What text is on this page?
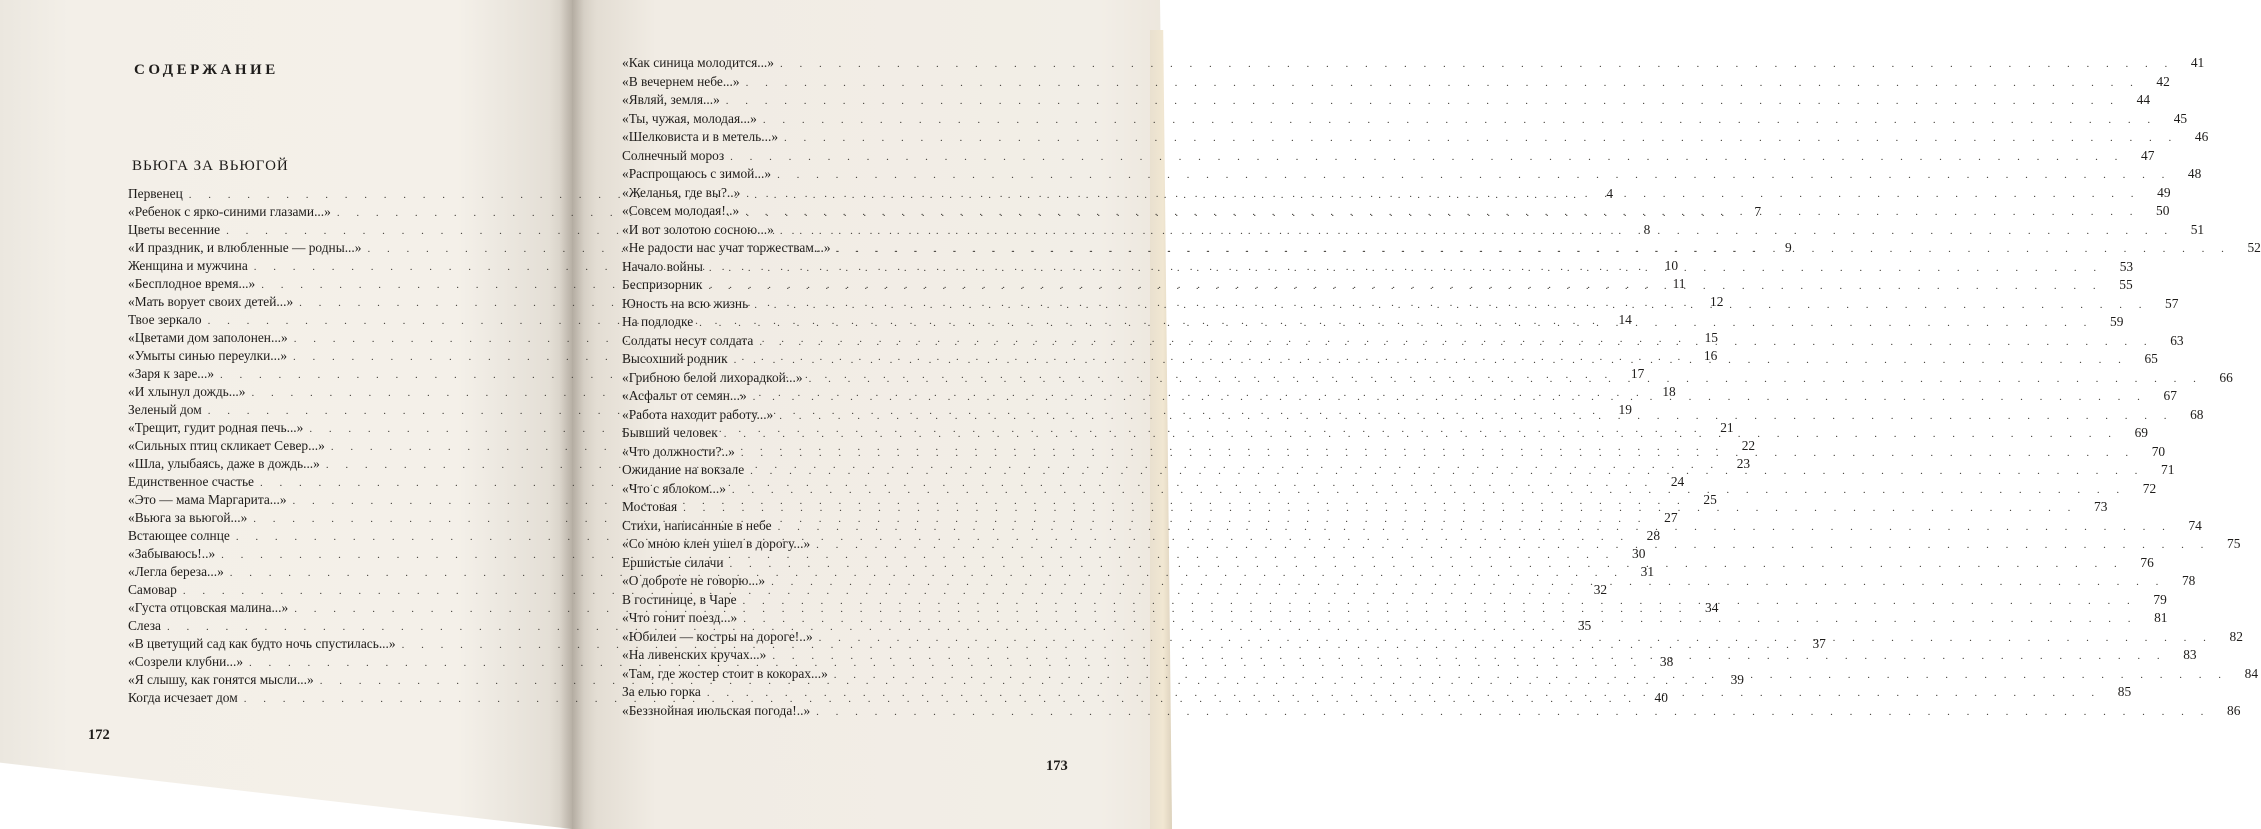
СОДЕРЖАНИЕ
ВЬЮГА ЗА ВЬЮГОЙ
Первенец . . .	4
«Ребенок с ярко-синими глазами...» . . .	7
Цветы весенние . . .	8
«И праздник, и влюбленные — родны...» . . .	9
Женщина и мужчина . . .	10
«Бесплодное время...» . . .	11
«Мать ворует своих детей...» . . .	12
Твое зеркало . . .	14
«Цветами дом заполонен...» . . .	15
«Умыты синью переулки...» . . .	16
«Заря к заре...» . . .	17
«И хлынул дождь...» . . .	18
Зеленый дом . . .	19
«Трещит, гудит родная печь...» . . .	21
«Сильных птиц скликает Север...» . . .	22
«Шла, улыбаясь, даже в дождь...» . . .	23
Единственное счастье . . .	24
«Это — мама Маргарита...» . . .	25
«Вьюга за вьюгой...» . . .	27
Встающее солнце . . .	28
«Забываюсь!..» . . .	30
«Легла береза...» . . .	31
Самовар . . .	32
«Густа отцовская малина...» . . .	34
Слеза . . .	35
«В цветущий сад как будто ночь спустилась...» . . .	37
«Созрели клубни...» . . .	38
«Я слышу, как гонятся мысли...» . . .	39
Когда исчезает дом . . .	40
«Как синица молодится...» . . .	41
«В вечернем небе...» . . .	42
«Являй, земля...» . . .	44
«Ты, чужая, молодая...» . . .	45
«Шелковиста и в метель...» . . .	46
Солнечный мороз . . .	47
«Распрощаюсь с зимой...» . . .	48
«Желанья, где вы?..» . . .	49
«Совсем молодая!..» . . .	50
«И вот золотою сосною...» . . .	51
«Не радости нас учат торжествам...» . . .	52
Начало войны . . .	53
Беспризорник . . .	55
Юность на всю жизнь . . .	57
На подлодке . . .	59
Солдаты несут солдата . . .	63
Высохший родник . . .	65
«Грибною белой лихорадкой...» . . .	66
«Асфальт от семян...» . . .	67
«Работа находит работу...» . . .	68
Бывший человек . . .	69
«Что должности?..» . . .	70
Ожидание на вокзале . . .	71
«Что с яблоком...» . . .	72
Мостовая . . .	73
Стихи, написанные в небе . . .	74
«Со мною клен ушел в дорогу...» . . .	75
Ершистые силачи . . .	76
«О доброте не говорю...» . . .	78
В гостинице, в Чаре . . .	79
«Что гонит поезд...» . . .	81
«Юбилеи — костры на дороге!..» . . .	82
«На ливенских кручах...» . . .	83
«Там, где жостер стоит в кокорах...» . . .	84
За елью горка . . .	85
«Беззнойная июльская погода!..» . . .	86
172
173
